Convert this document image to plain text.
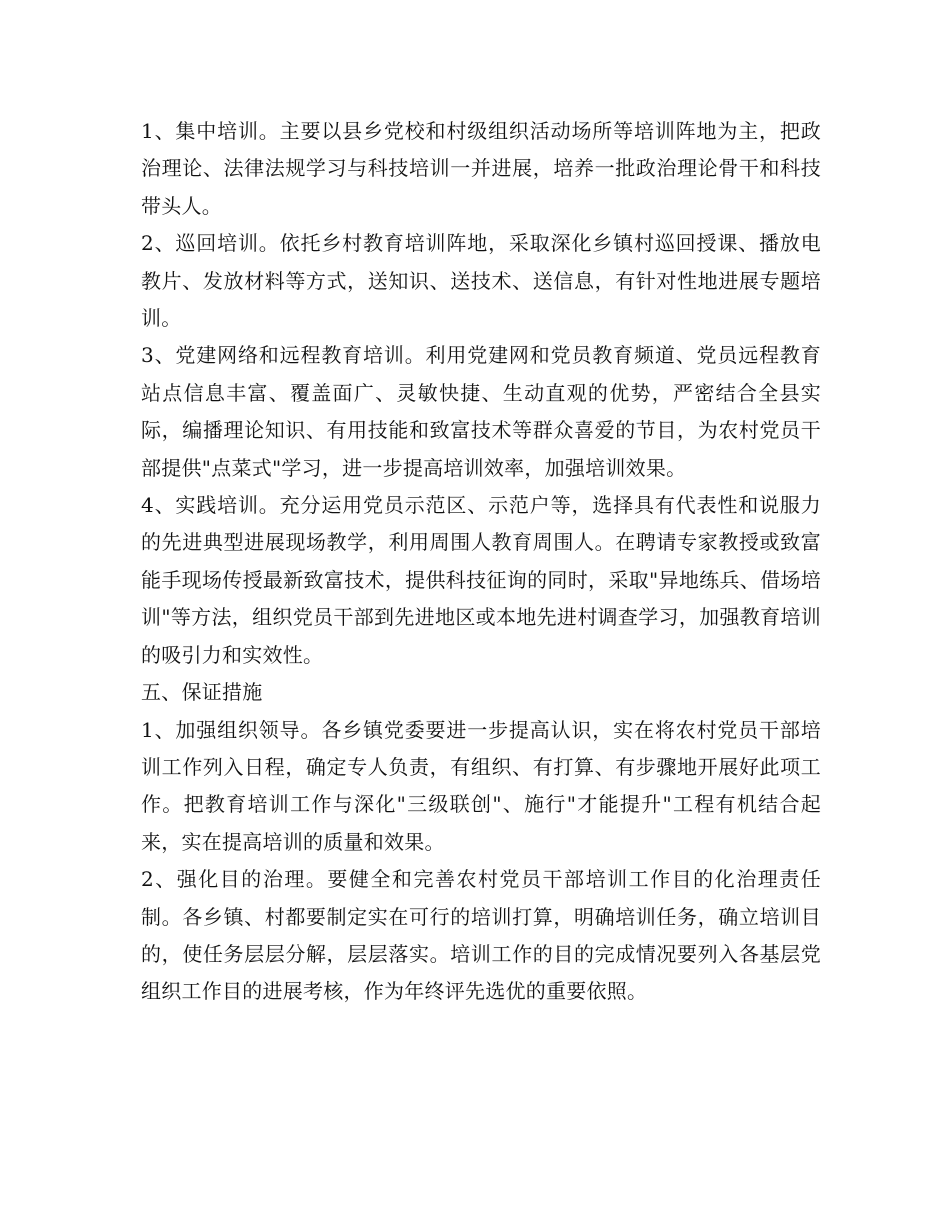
1、集中培训。主要以县乡党校和村级组织活动场所等培训阵地为主，把政治理论、法律法规学习与科技培训一并进展，培养一批政治理论骨干和科技带头人。

2、巡回培训。依托乡村教育培训阵地，采取深化乡镇村巡回授课、播放电教片、发放材料等方式，送知识、送技术、送信息，有针对性地进展专题培训。

3、党建网络和远程教育培训。利用党建网和党员教育频道、党员远程教育站点信息丰富、覆盖面广、灵敏快捷、生动直观的优势，严密结合全县实际，编播理论知识、有用技能和致富技术等群众喜爱的节目，为农村党员干部提供"点菜式"学习，进一步提高培训效率，加强培训效果。

4、实践培训。充分运用党员示范区、示范户等，选择具有代表性和说服力的先进典型进展现场教学，利用周围人教育周围人。在聘请专家教授或致富能手现场传授最新致富技术，提供科技征询的同时，采取"异地练兵、借场培训"等方法，组织党员干部到先进地区或本地先进村调查学习，加强教育培训的吸引力和实效性。

五、保证措施

1、加强组织领导。各乡镇党委要进一步提高认识，实在将农村党员干部培训工作列入日程，确定专人负责，有组织、有打算、有步骤地开展好此项工作。把教育培训工作与深化"三级联创"、施行"才能提升"工程有机结合起来，实在提高培训的质量和效果。

2、强化目的治理。要健全和完善农村党员干部培训工作目的化治理责任制。各乡镇、村都要制定实在可行的培训打算，明确培训任务，确立培训目的，使任务层层分解，层层落实。培训工作的目的完成情况要列入各基层党组织工作目的进展考核，作为年终评先选优的重要依照。
